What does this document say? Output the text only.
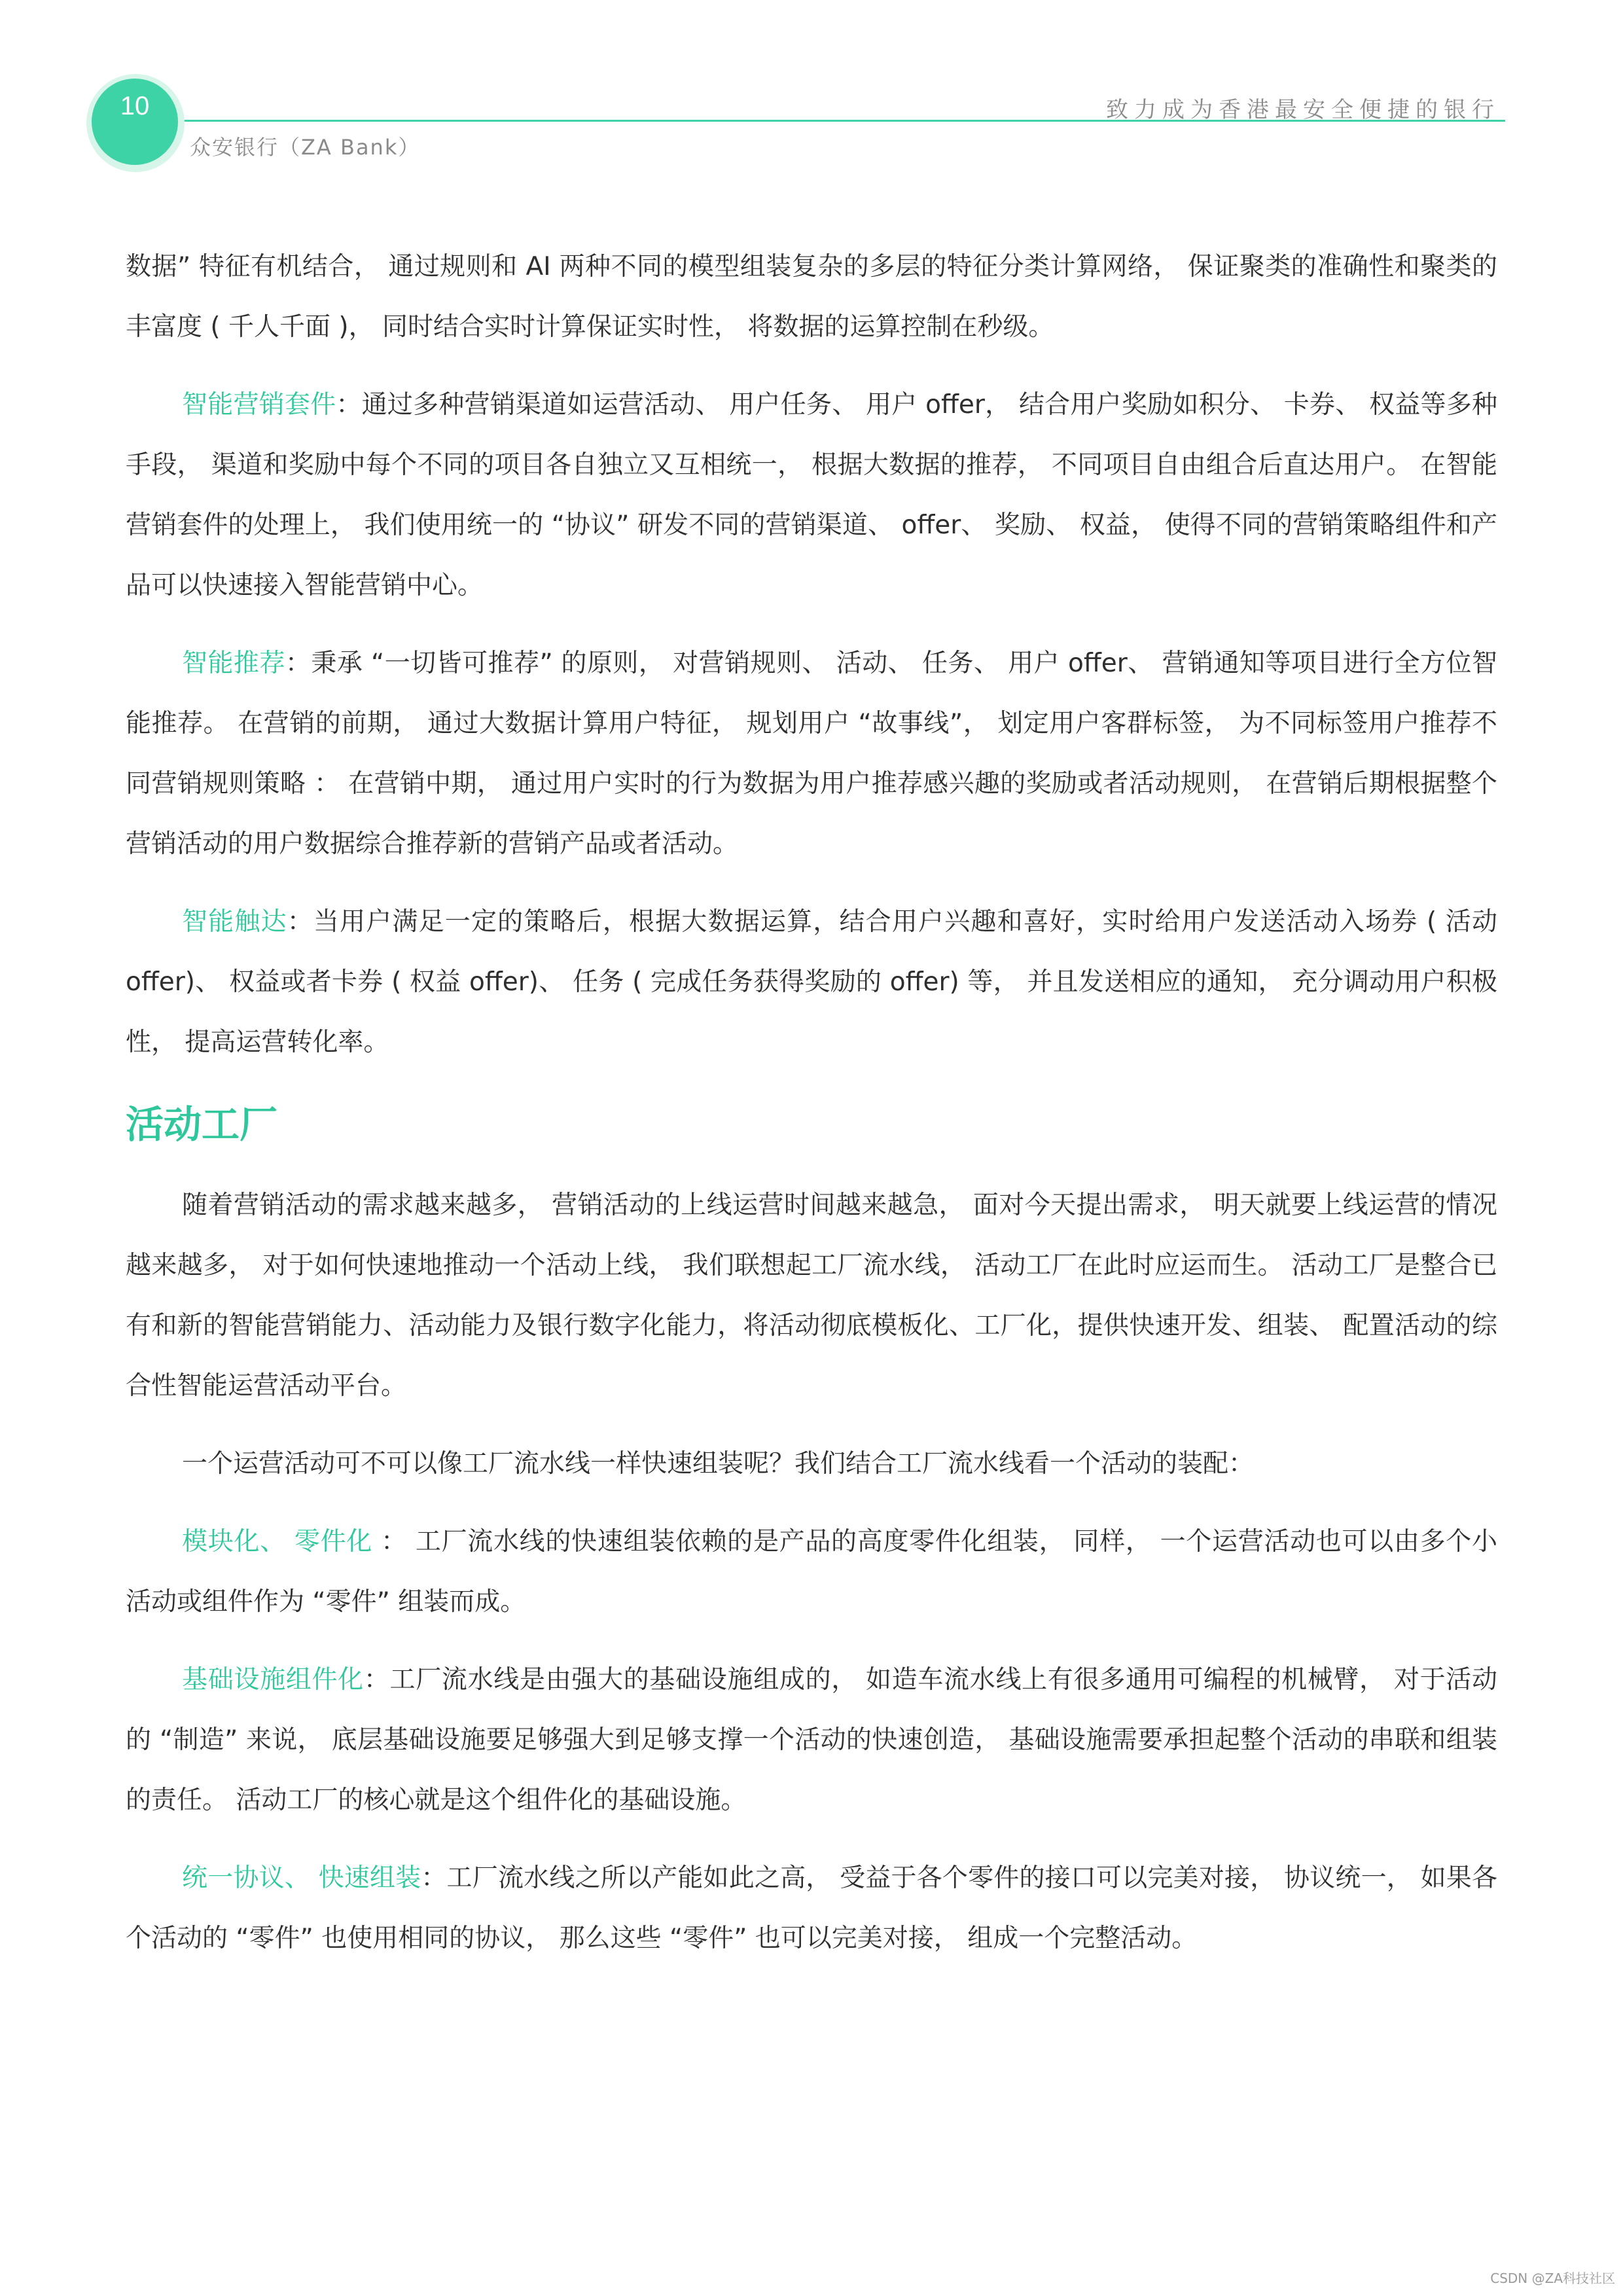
10
众安银行（ZA Bank）
致力成为香港最安全便捷的银行

数据” 特征有机结合， 通过规则和 AI 两种不同的模型组装复杂的多层的特征分类计算网络， 保证聚类的准确性和聚类的丰富度 ( 千人千面 )， 同时结合实时计算保证实时性， 将数据的运算控制在秒级。

智能营销套件：通过多种营销渠道如运营活动、 用户任务、 用户 offer， 结合用户奖励如积分、 卡券、 权益等多种手段， 渠道和奖励中每个不同的项目各自独立又互相统一， 根据大数据的推荐， 不同项目自由组合后直达用户。 在智能营销套件的处理上， 我们使用统一的 “协议” 研发不同的营销渠道、 offer、 奖励、 权益， 使得不同的营销策略组件和产品可以快速接入智能营销中心。

智能推荐：秉承 “一切皆可推荐” 的原则， 对营销规则、 活动、 任务、 用户 offer、 营销通知等项目进行全方位智能推荐。 在营销的前期， 通过大数据计算用户特征， 规划用户 “故事线”， 划定用户客群标签， 为不同标签用户推荐不同营销规则策略 ： 在营销中期， 通过用户实时的行为数据为用户推荐感兴趣的奖励或者活动规则， 在营销后期根据整个营销活动的用户数据综合推荐新的营销产品或者活动。

智能触达：当用户满足一定的策略后，根据大数据运算，结合用户兴趣和喜好，实时给用户发送活动入场券 ( 活动 offer)、 权益或者卡券 ( 权益 offer)、 任务 ( 完成任务获得奖励的 offer) 等， 并且发送相应的通知， 充分调动用户积极性， 提高运营转化率。

活动工厂

随着营销活动的需求越来越多， 营销活动的上线运营时间越来越急， 面对今天提出需求， 明天就要上线运营的情况越来越多， 对于如何快速地推动一个活动上线， 我们联想起工厂流水线， 活动工厂在此时应运而生。 活动工厂是整合已有和新的智能营销能力、活动能力及银行数字化能力，将活动彻底模板化、工厂化，提供快速开发、组装、 配置活动的综合性智能运营活动平台。

一个运营活动可不可以像工厂流水线一样快速组装呢？我们结合工厂流水线看一个活动的装配：

模块化、 零件化 ： 工厂流水线的快速组装依赖的是产品的高度零件化组装， 同样， 一个运营活动也可以由多个小活动或组件作为 “零件” 组装而成。

基础设施组件化：工厂流水线是由强大的基础设施组成的， 如造车流水线上有很多通用可编程的机械臂， 对于活动的 “制造” 来说， 底层基础设施要足够强大到足够支撑一个活动的快速创造， 基础设施需要承担起整个活动的串联和组装的责任。 活动工厂的核心就是这个组件化的基础设施。

统一协议、 快速组装：工厂流水线之所以产能如此之高， 受益于各个零件的接口可以完美对接， 协议统一， 如果各个活动的 “零件” 也使用相同的协议， 那么这些 “零件” 也可以完美对接， 组成一个完整活动。

CSDN @ZA科技社区
